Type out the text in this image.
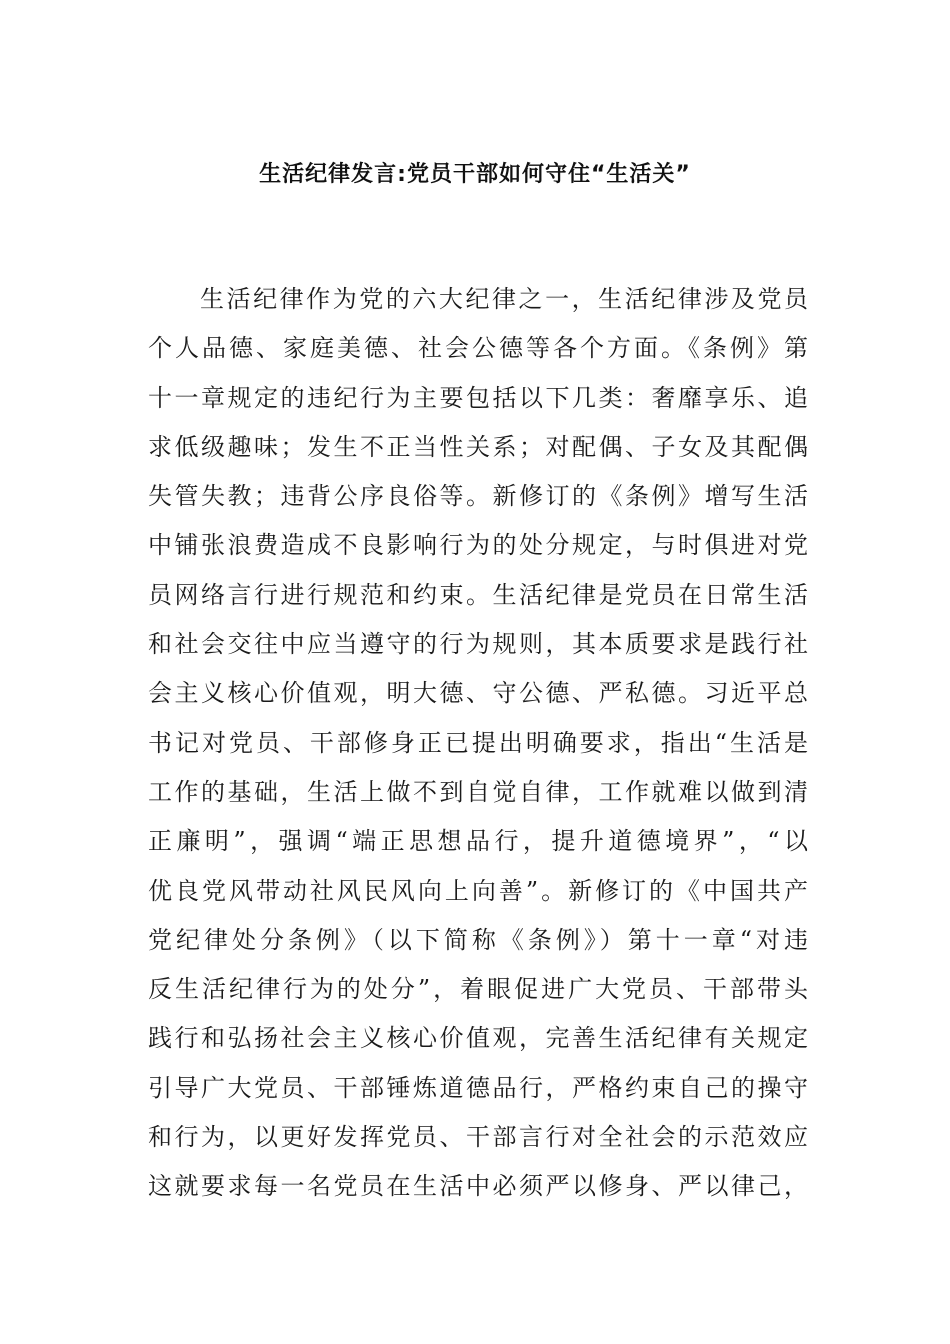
生活纪律发言:党员干部如何守住“生活关”
生活纪律作为党的六大纪律之一，生活纪律涉及党员
个人品德、家庭美德、社会公德等各个方面。《条例》第
十一章规定的违纪行为主要包括以下几类：奢靡享乐、追
求低级趣味；发生不正当性关系；对配偶、子女及其配偶
失管失教；违背公序良俗等。新修订的《条例》增写生活
中铺张浪费造成不良影响行为的处分规定，与时俱进对党
员网络言行进行规范和约束。生活纪律是党员在日常生活
和社会交往中应当遵守的行为规则，其本质要求是践行社
会主义核心价值观，明大德、守公德、严私德。习近平总
书记对党员、干部修身正已提出明确要求，指出“生活是
工作的基础，生活上做不到自觉自律，工作就难以做到清
正廉明”，强调“端正思想品行，提升道德境界”，“以
优良党风带动社风民风向上向善”。新修订的《中国共产
党纪律处分条例》（以下简称《条例》）第十一章“对违
反生活纪律行为的处分”，着眼促进广大党员、干部带头
践行和弘扬社会主义核心价值观，完善生活纪律有关规定
引导广大党员、干部锤炼道德品行，严格约束自己的操守
和行为，以更好发挥党员、干部言行对全社会的示范效应
这就要求每一名党员在生活中必须严以修身、严以律己，
